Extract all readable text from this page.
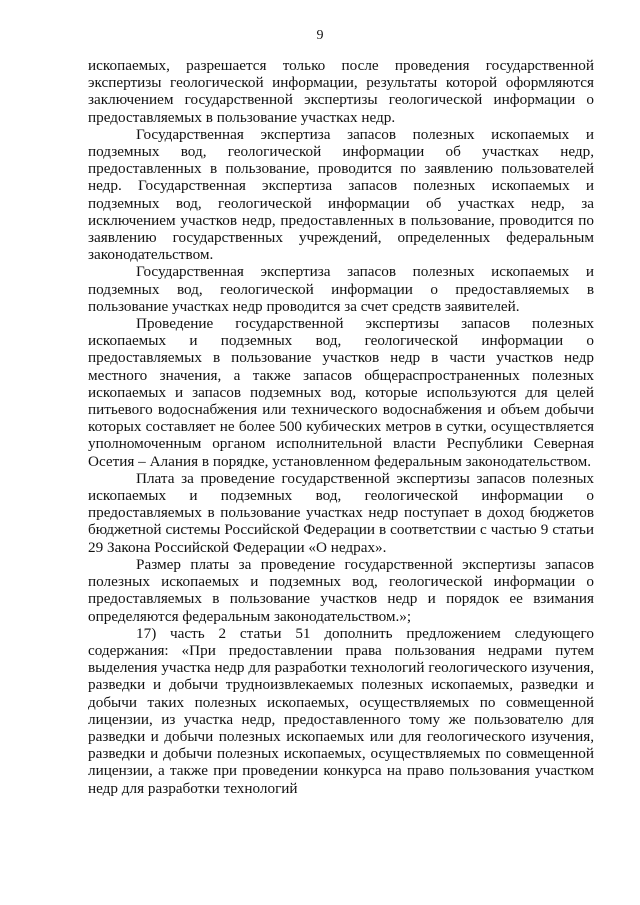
9

ископаемых, разрешается только после проведения государственной экспертизы геологической информации, результаты которой оформляются заключением государственной экспертизы геологической информации о предоставляемых в пользование участках недр.

Государственная экспертиза запасов полезных ископаемых и подземных вод, геологической информации об участках недр, предоставленных в пользование, проводится по заявлению пользователей недр. Государственная экспертиза запасов полезных ископаемых и подземных вод, геологической информации об участках недр, за исключением участков недр, предоставленных в пользование, проводится по заявлению государственных учреждений, определенных федеральным законодательством.

Государственная экспертиза запасов полезных ископаемых и подземных вод, геологической информации о предоставляемых в пользование участках недр проводится за счет средств заявителей.

Проведение государственной экспертизы запасов полезных ископаемых и подземных вод, геологической информации о предоставляемых в пользование участков недр в части участков недр местного значения, а также запасов общераспространенных полезных ископаемых и запасов подземных вод, которые используются для целей питьевого водоснабжения или технического водоснабжения и объем добычи которых составляет не более 500 кубических метров в сутки, осуществляется уполномоченным органом исполнительной власти Республики Северная Осетия – Алания в порядке, установленном федеральным законодательством.

Плата за проведение государственной экспертизы запасов полезных ископаемых и подземных вод, геологической информации о предоставляемых в пользование участках недр поступает в доход бюджетов бюджетной системы Российской Федерации в соответствии с частью 9 статьи 29 Закона Российской Федерации «О недрах».

Размер платы за проведение государственной экспертизы запасов полезных ископаемых и подземных вод, геологической информации о предоставляемых в пользование участков недр и порядок ее взимания определяются федеральным законодательством.»;

17) часть 2 статьи 51 дополнить предложением следующего содержания: «При предоставлении права пользования недрами путем выделения участка недр для разработки технологий геологического изучения, разведки и добычи трудноизвлекаемых полезных ископаемых, разведки и добычи таких полезных ископаемых, осуществляемых по совмещенной лицензии, из участка недр, предоставленного тому же пользователю для разведки и добычи полезных ископаемых или для геологического изучения, разведки и добычи полезных ископаемых, осуществляемых по совмещенной лицензии, а также при проведении конкурса на право пользования участком недр для разработки технологий
